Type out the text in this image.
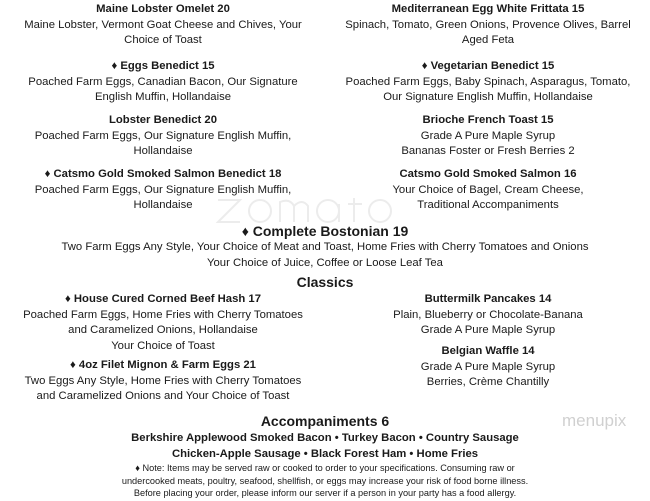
menupix
Maine Lobster Omelet 20
Maine Lobster, Vermont Goat Cheese and Chives, Your
Choice of Toast
♦ Eggs Benedict 15
Poached Farm Eggs, Canadian Bacon, Our Signature
English Muffin, Hollandaise
Lobster Benedict 20
Poached Farm Eggs, Our Signature English Muffin,
Hollandaise
♦ Catsmo Gold Smoked Salmon Benedict 18
Poached Farm Eggs, Our Signature English Muffin,
Hollandaise
Mediterranean Egg White Frittata 15
Spinach, Tomato, Green Onions, Provence Olives, Barrel
Aged Feta
♦ Vegetarian Benedict 15
Poached Farm Eggs, Baby Spinach, Asparagus, Tomato,
Our Signature English Muffin, Hollandaise
Brioche French Toast 15
Grade A Pure Maple Syrup
Bananas Foster or Fresh Berries 2
Catsmo Gold Smoked Salmon 16
Your Choice of Bagel, Cream Cheese,
Traditional Accompaniments
♦ Complete Bostonian 19
Two Farm Eggs Any Style, Your Choice of Meat and Toast, Home Fries with Cherry Tomatoes and Onions
Your Choice of Juice, Coffee or Loose Leaf Tea
Classics
♦ House Cured Corned Beef Hash 17
Poached Farm Eggs, Home Fries with Cherry Tomatoes
and Caramelized Onions, Hollandaise
Your Choice of Toast
♦ 4oz Filet Mignon & Farm Eggs 21
Two Eggs Any Style, Home Fries with Cherry Tomatoes
and Caramelized Onions and Your Choice of Toast
Buttermilk Pancakes 14
Plain, Blueberry or Chocolate-Banana
Grade A Pure Maple Syrup
Belgian Waffle 14
Grade A Pure Maple Syrup
Berries, Crème Chantilly
Accompaniments 6
Berkshire Applewood Smoked Bacon • Turkey Bacon • Country Sausage
Chicken-Apple Sausage • Black Forest Ham • Home Fries
♦ Note: Items may be served raw or cooked to order to your specifications. Consuming raw or
undercooked meats, poultry, seafood, shellfish, or eggs may increase your risk of food borne illness.
Before placing your order, please inform our server if a person in your party has a food allergy.
